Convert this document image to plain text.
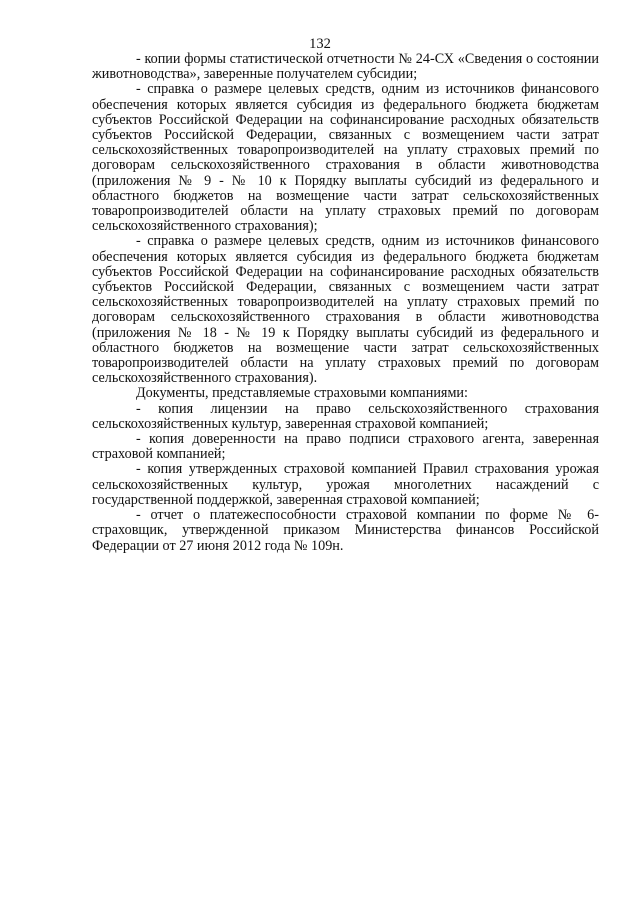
132

- копии формы статистической отчетности № 24-СХ «Сведения о состоянии животноводства», заверенные получателем субсидии;

- справка о размере целевых средств, одним из источников финансового обеспечения которых является субсидия из федерального бюджета бюджетам субъектов Российской Федерации на софинансирование расходных обязательств субъектов Российской Федерации, связанных с возмещением части затрат сельскохозяйственных товаропроизводителей на уплату страховых премий по договорам сельскохозяйственного страхования в области животноводства (приложения № 9 - № 10 к Порядку выплаты субсидий из федерального и областного бюджетов на возмещение части затрат сельскохозяйственных товаропроизводителей области на уплату страховых премий по договорам сельскохозяйственного страхования);

- справка о размере целевых средств, одним из источников финансового обеспечения которых является субсидия из федерального бюджета бюджетам субъектов Российской Федерации на софинансирование расходных обязательств субъектов Российской Федерации, связанных с возмещением части затрат сельскохозяйственных товаропроизводителей на уплату страховых премий по договорам сельскохозяйственного страхования в области животноводства (приложения № 18 - № 19 к Порядку выплаты субсидий из федерального и областного бюджетов на возмещение части затрат сельскохозяйственных товаропроизводителей области на уплату страховых премий по договорам сельскохозяйственного страхования).

Документы, представляемые страховыми компаниями:

- копия лицензии на право сельскохозяйственного страхования сельскохозяйственных культур, заверенная страховой компанией;

- копия доверенности на право подписи страхового агента, заверенная страховой компанией;

- копия утвержденных страховой компанией Правил страхования урожая сельскохозяйственных культур, урожая многолетних насаждений с государственной поддержкой, заверенная страховой компанией;

- отчет о платежеспособности страховой компании по форме № 6-страховщик, утвержденной приказом Министерства финансов Российской Федерации от 27 июня 2012 года № 109н.
